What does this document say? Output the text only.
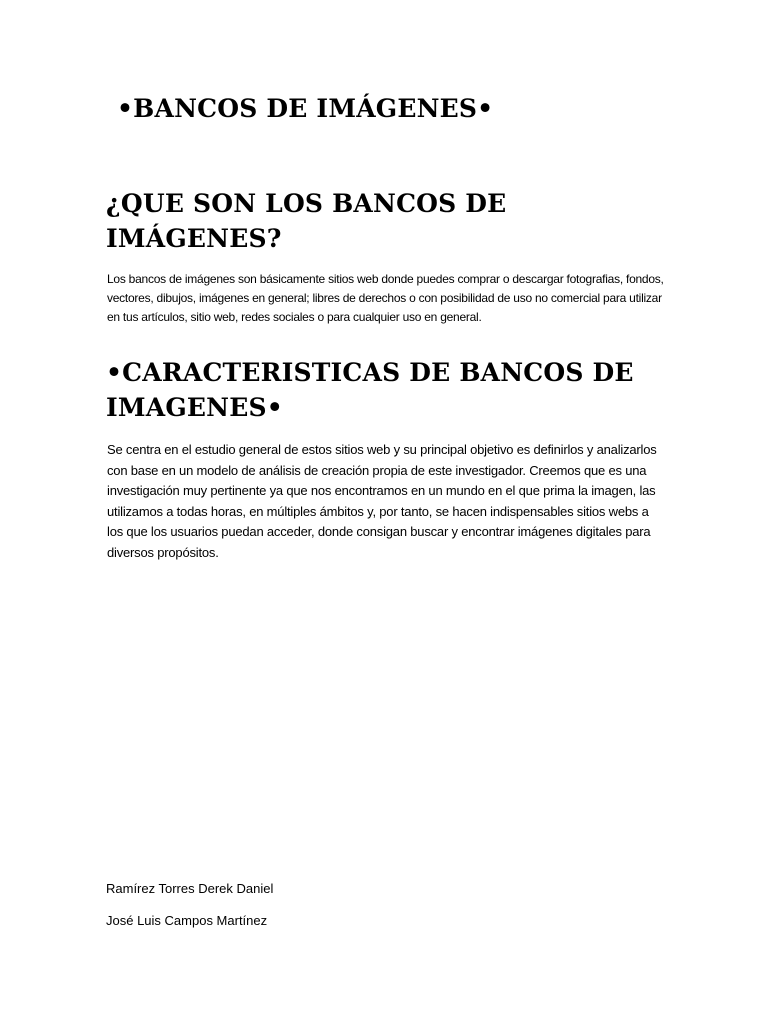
•BANCOS DE IMÁGENES•
¿QUE SON LOS BANCOS DE IMÁGENES?

Los bancos de imágenes son básicamente sitios web donde puedes comprar o descargar fotografias, fondos, vectores, dibujos, imágenes en general; libres de derechos o con posibilidad de uso no comercial para utilizar en tus artículos, sitio web, redes sociales o para cualquier uso en general.

•CARACTERISTICAS DE BANCOS DE IMAGENES•

Se centra en el estudio general de estos sitios web y su principal objetivo es definirlos y analizarlos con base en un modelo de análisis de creación propia de este investigador. Creemos que es una investigación muy pertinente ya que nos encontramos en un mundo en el que prima la imagen, las utilizamos a todas horas, en múltiples ámbitos y, por tanto, se hacen indispensables sitios webs a los que los usuarios puedan acceder, donde consigan buscar y encontrar imágenes digitales para diversos propósitos.

Ramírez Torres Derek Daniel

José Luis Campos Martínez
